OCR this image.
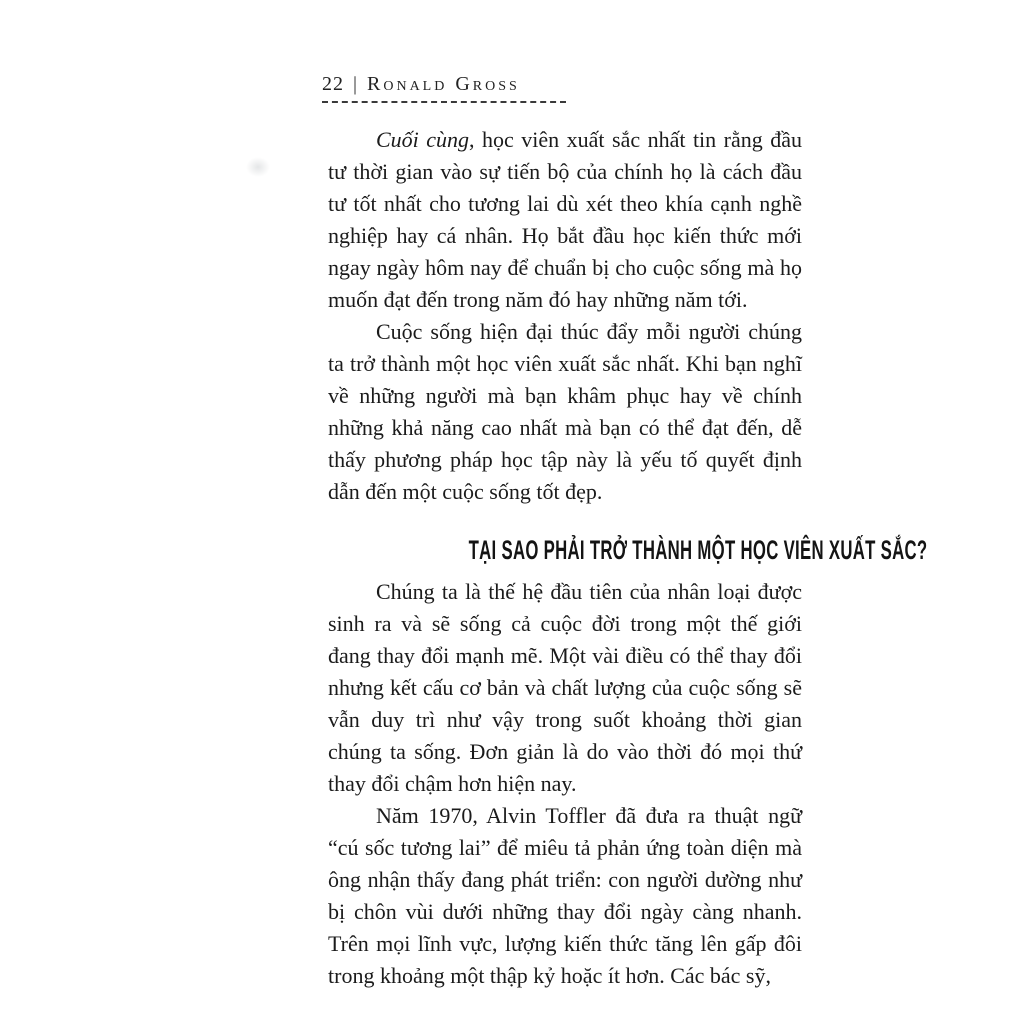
22 | Ronald Gross

Cuối cùng, học viên xuất sắc nhất tin rằng đầu tư thời gian vào sự tiến bộ của chính họ là cách đầu tư tốt nhất cho tương lai dù xét theo khía cạnh nghề nghiệp hay cá nhân. Họ bắt đầu học kiến thức mới ngay ngày hôm nay để chuẩn bị cho cuộc sống mà họ muốn đạt đến trong năm đó hay những năm tới.

Cuộc sống hiện đại thúc đẩy mỗi người chúng ta trở thành một học viên xuất sắc nhất. Khi bạn nghĩ về những người mà bạn khâm phục hay về chính những khả năng cao nhất mà bạn có thể đạt đến, dễ thấy phương pháp học tập này là yếu tố quyết định dẫn đến một cuộc sống tốt đẹp.

TẠI SAO PHẢI TRỞ THÀNH MỘT HỌC VIÊN XUẤT SẮC?

Chúng ta là thế hệ đầu tiên của nhân loại được sinh ra và sẽ sống cả cuộc đời trong một thế giới đang thay đổi mạnh mẽ. Một vài điều có thể thay đổi nhưng kết cấu cơ bản và chất lượng của cuộc sống sẽ vẫn duy trì như vậy trong suốt khoảng thời gian chúng ta sống. Đơn giản là do vào thời đó mọi thứ thay đổi chậm hơn hiện nay.

Năm 1970, Alvin Toffler đã đưa ra thuật ngữ “cú sốc tương lai” để miêu tả phản ứng toàn diện mà ông nhận thấy đang phát triển: con người dường như bị chôn vùi dưới những thay đổi ngày càng nhanh. Trên mọi lĩnh vực, lượng kiến thức tăng lên gấp đôi trong khoảng một thập kỷ hoặc ít hơn. Các bác sỹ,
